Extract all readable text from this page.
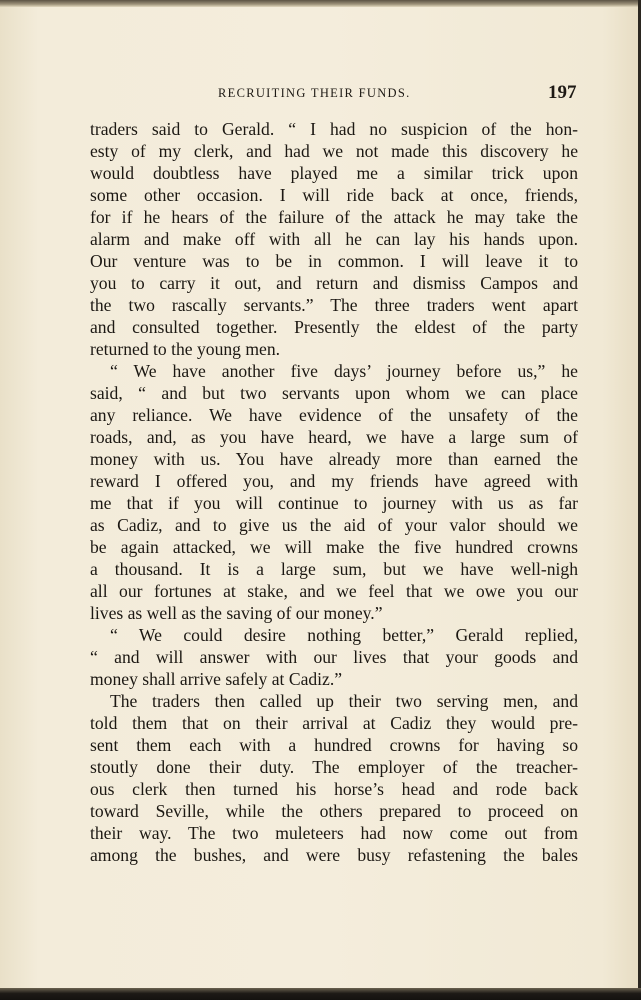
RECRUITING THEIR FUNDS.	197
traders said to Gerald. “ I had no suspicion of the hon-
esty of my clerk, and had we not made this discovery he
would doubtless have played me a similar trick upon
some other occasion. I will ride back at once, friends,
for if he hears of the failure of the attack he may take the
alarm and make off with all he can lay his hands upon.
Our venture was to be in common. I will leave it to
you to carry it out, and return and dismiss Campos and
the two rascally servants.” The three traders went apart
and consulted together. Presently the eldest of the party
returned to the young men.
“ We have another five days’ journey before us,” he
said, “ and but two servants upon whom we can place
any reliance. We have evidence of the unsafety of the
roads, and, as you have heard, we have a large sum of
money with us. You have already more than earned the
reward I offered you, and my friends have agreed with
me that if you will continue to journey with us as far
as Cadiz, and to give us the aid of your valor should we
be again attacked, we will make the five hundred crowns
a thousand. It is a large sum, but we have well-nigh
all our fortunes at stake, and we feel that we owe you our
lives as well as the saving of our money.”
“ We could desire nothing better,” Gerald replied,
“ and will answer with our lives that your goods and
money shall arrive safely at Cadiz.”
The traders then called up their two serving men, and
told them that on their arrival at Cadiz they would pre-
sent them each with a hundred crowns for having so
stoutly done their duty. The employer of the treacher-
ous clerk then turned his horse’s head and rode back
toward Seville, while the others prepared to proceed on
their way. The two muleteers had now come out from
among the bushes, and were busy refastening the bales
